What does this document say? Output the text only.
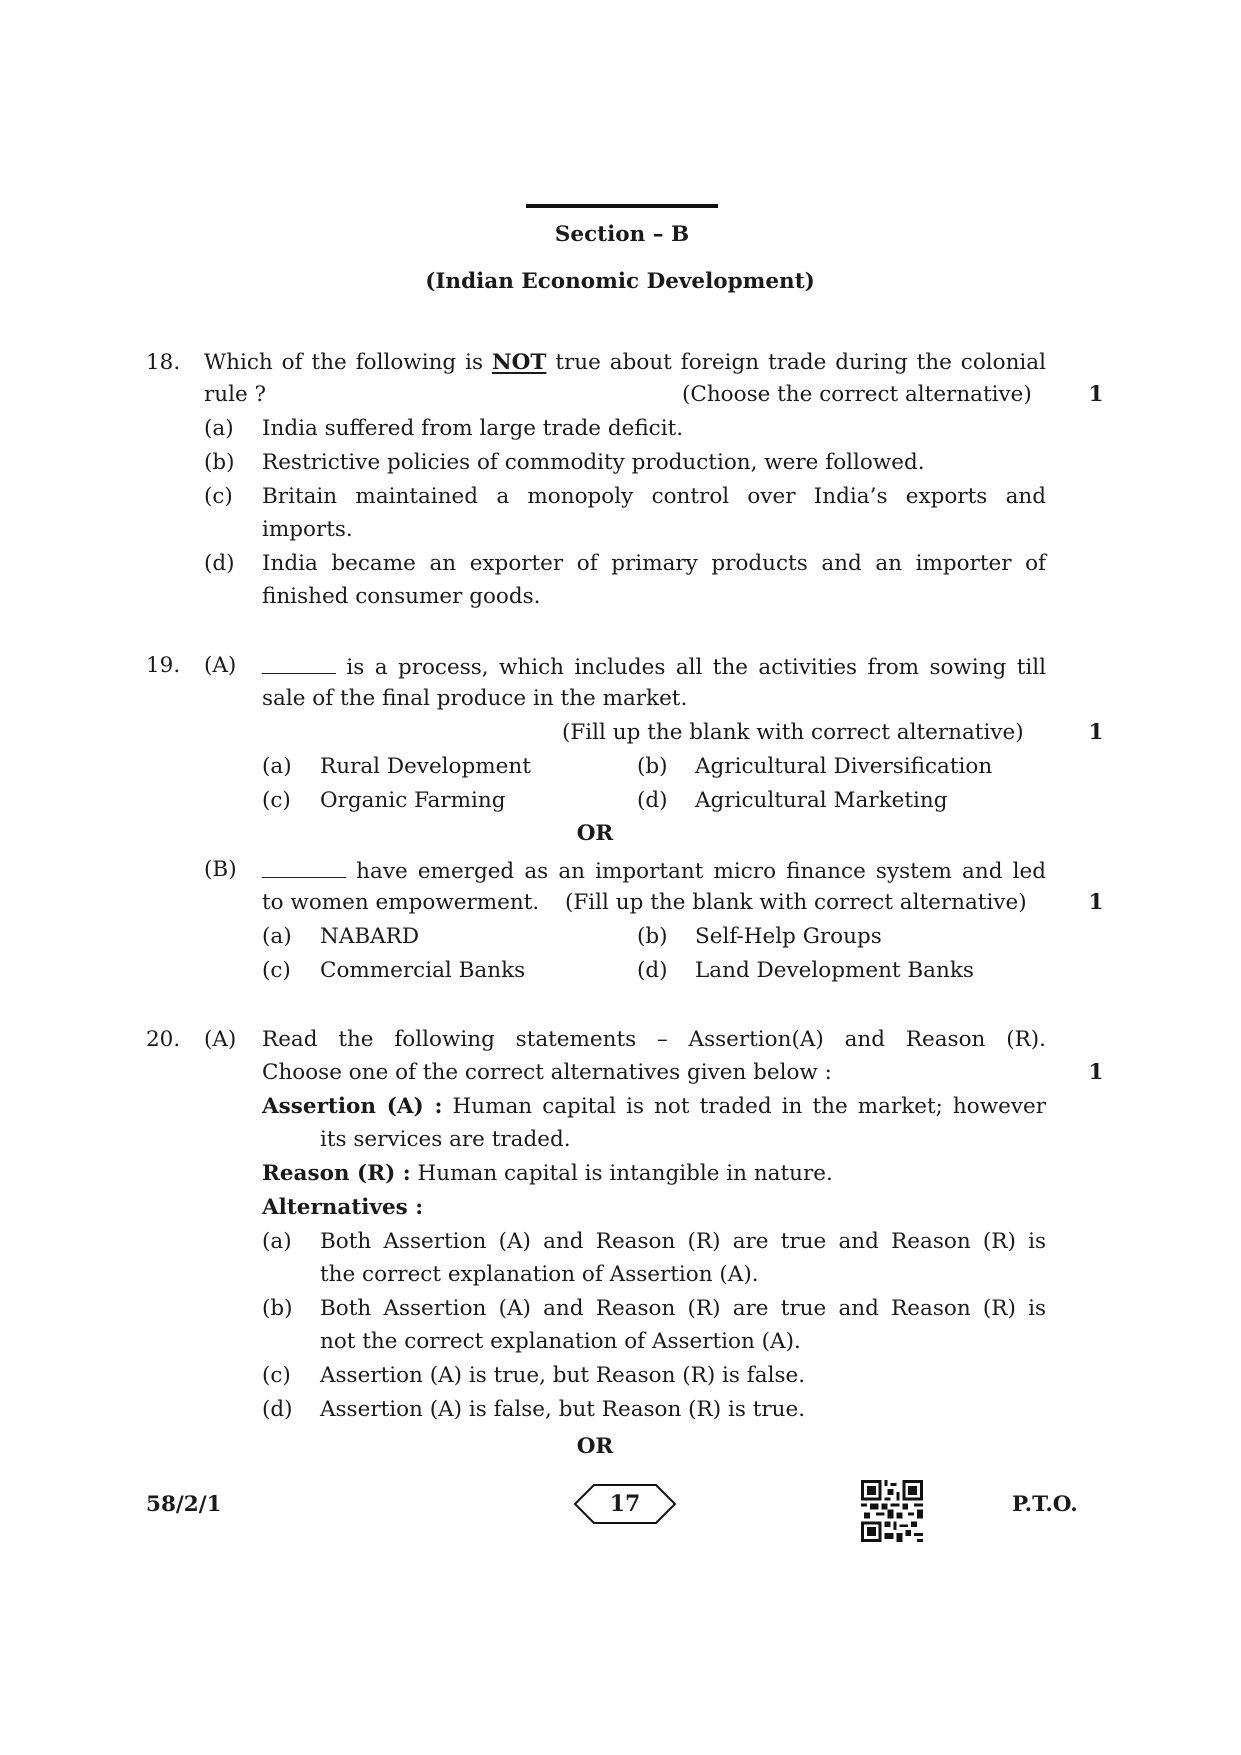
Section – B
(Indian Economic Development)
18. Which of the following is NOT true about foreign trade during the colonial
rule ?	(Choose the correct alternative)	1
(a) India suffered from large trade deficit.
(b) Restrictive policies of commodity production, were followed.
(c) Britain maintained a monopoly control over India’s exports and
imports.
(d) India became an exporter of primary products and an importer of
finished consumer goods.
19. (A)	is a process, which includes all the activities from sowing till
sale of the final produce in the market.
(Fill up the blank with correct alternative)	1
(a) Rural Development	(b) Agricultural Diversification
(c) Organic Farming	(d) Agricultural Marketing
OR
(B)	have emerged as an important micro finance system and led
to women empowerment. (Fill up the blank with correct alternative)	1
(a) NABARD	(b) Self-Help Groups
(c) Commercial Banks	(d) Land Development Banks
20. (A) Read the following statements – Assertion(A) and Reason (R).
Choose one of the correct alternatives given below :	1
Assertion (A) : Human capital is not traded in the market; however
its services are traded.
Reason (R) : Human capital is intangible in nature.
Alternatives :
(a) Both Assertion (A) and Reason (R) are true and Reason (R) is
the correct explanation of Assertion (A).
(b) Both Assertion (A) and Reason (R) are true and Reason (R) is
not the correct explanation of Assertion (A).
(c) Assertion (A) is true, but Reason (R) is false.
(d) Assertion (A) is false, but Reason (R) is true.
OR
58/2/1	17	P.T.O.
